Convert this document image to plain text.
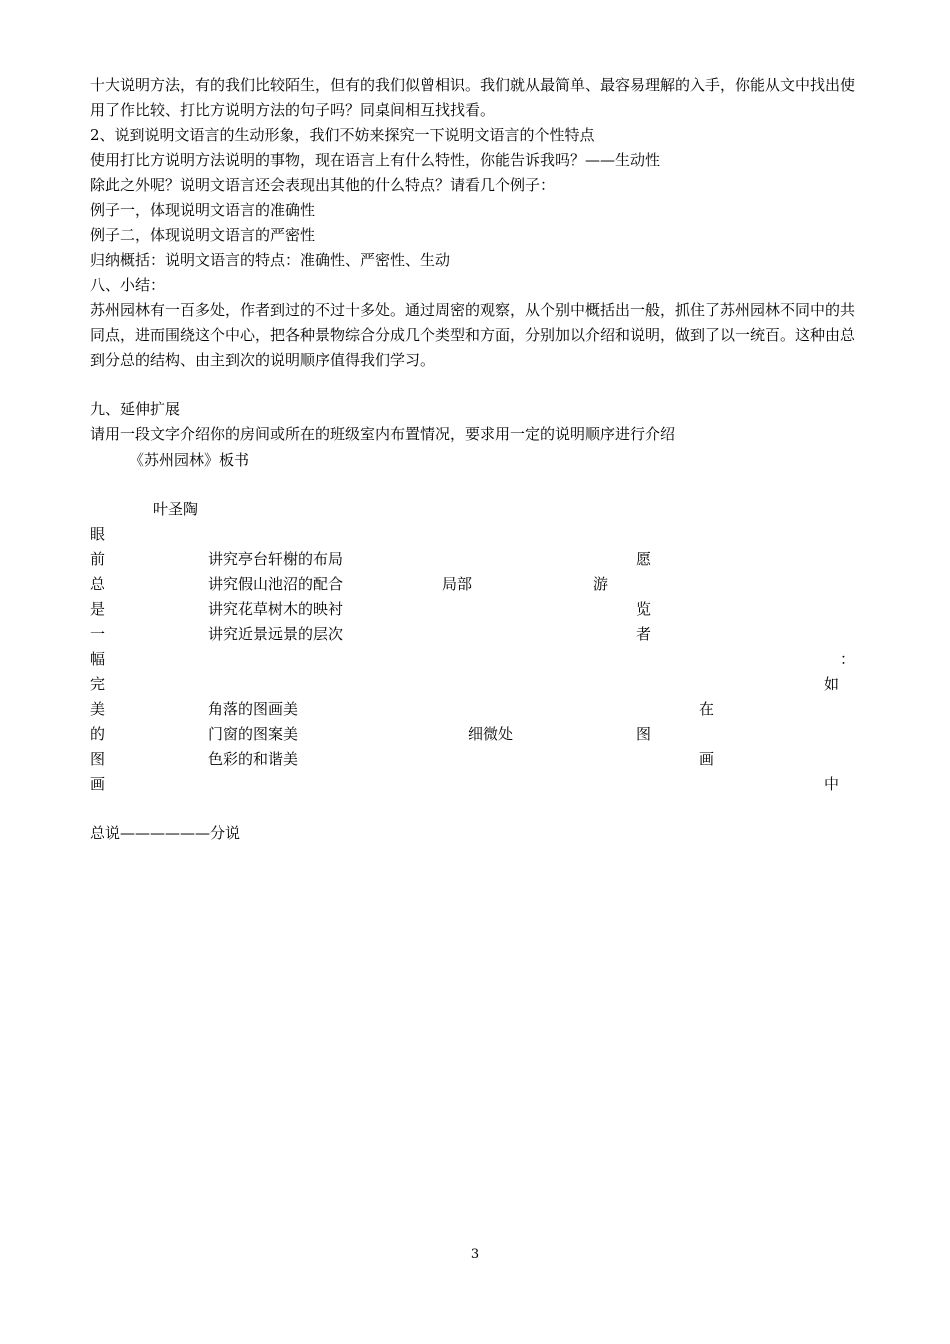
十大说明方法，有的我们比较陌生，但有的我们似曾相识。我们就从最简单、最容易理解的入手，你能从文中找出使用了作比较、打比方说明方法的句子吗？同桌间相互找找看。

2、说到说明文语言的生动形象，我们不妨来探究一下说明文语言的个性特点

使用打比方说明方法说明的事物，现在语言上有什么特性，你能告诉我吗？——生动性

除此之外呢？说明文语言还会表现出其他的什么特点？请看几个例子：

例子一，体现说明文语言的准确性

例子二，体现说明文语言的严密性

归纳概括：说明文语言的特点：准确性、严密性、生动

八、小结：

苏州园林有一百多处，作者到过的不过十多处。通过周密的观察，从个别中概括出一般，抓住了苏州园林不同中的共同点，进而围绕这个中心，把各种景物综合分成几个类型和方面，分别加以介绍和说明，做到了以一统百。这种由总到分总的结构、由主到次的说明顺序值得我们学习。

九、延伸扩展

请用一段文字介绍你的房间或所在的班级室内布置情况，要求用一定的说明顺序进行介绍

《苏州园林》板书
叶圣陶
眼
前
总
是
一
幅
完
美
的
图
画
讲究亭台轩榭的布局
讲究假山池沼的配合
讲究花草树木的映衬
讲究近景远景的层次
局部
愿
游
览
者
：
如
在
图
画
中
角落的图画美
门窗的图案美
色彩的和谐美
细微处
总说——————分说
3
